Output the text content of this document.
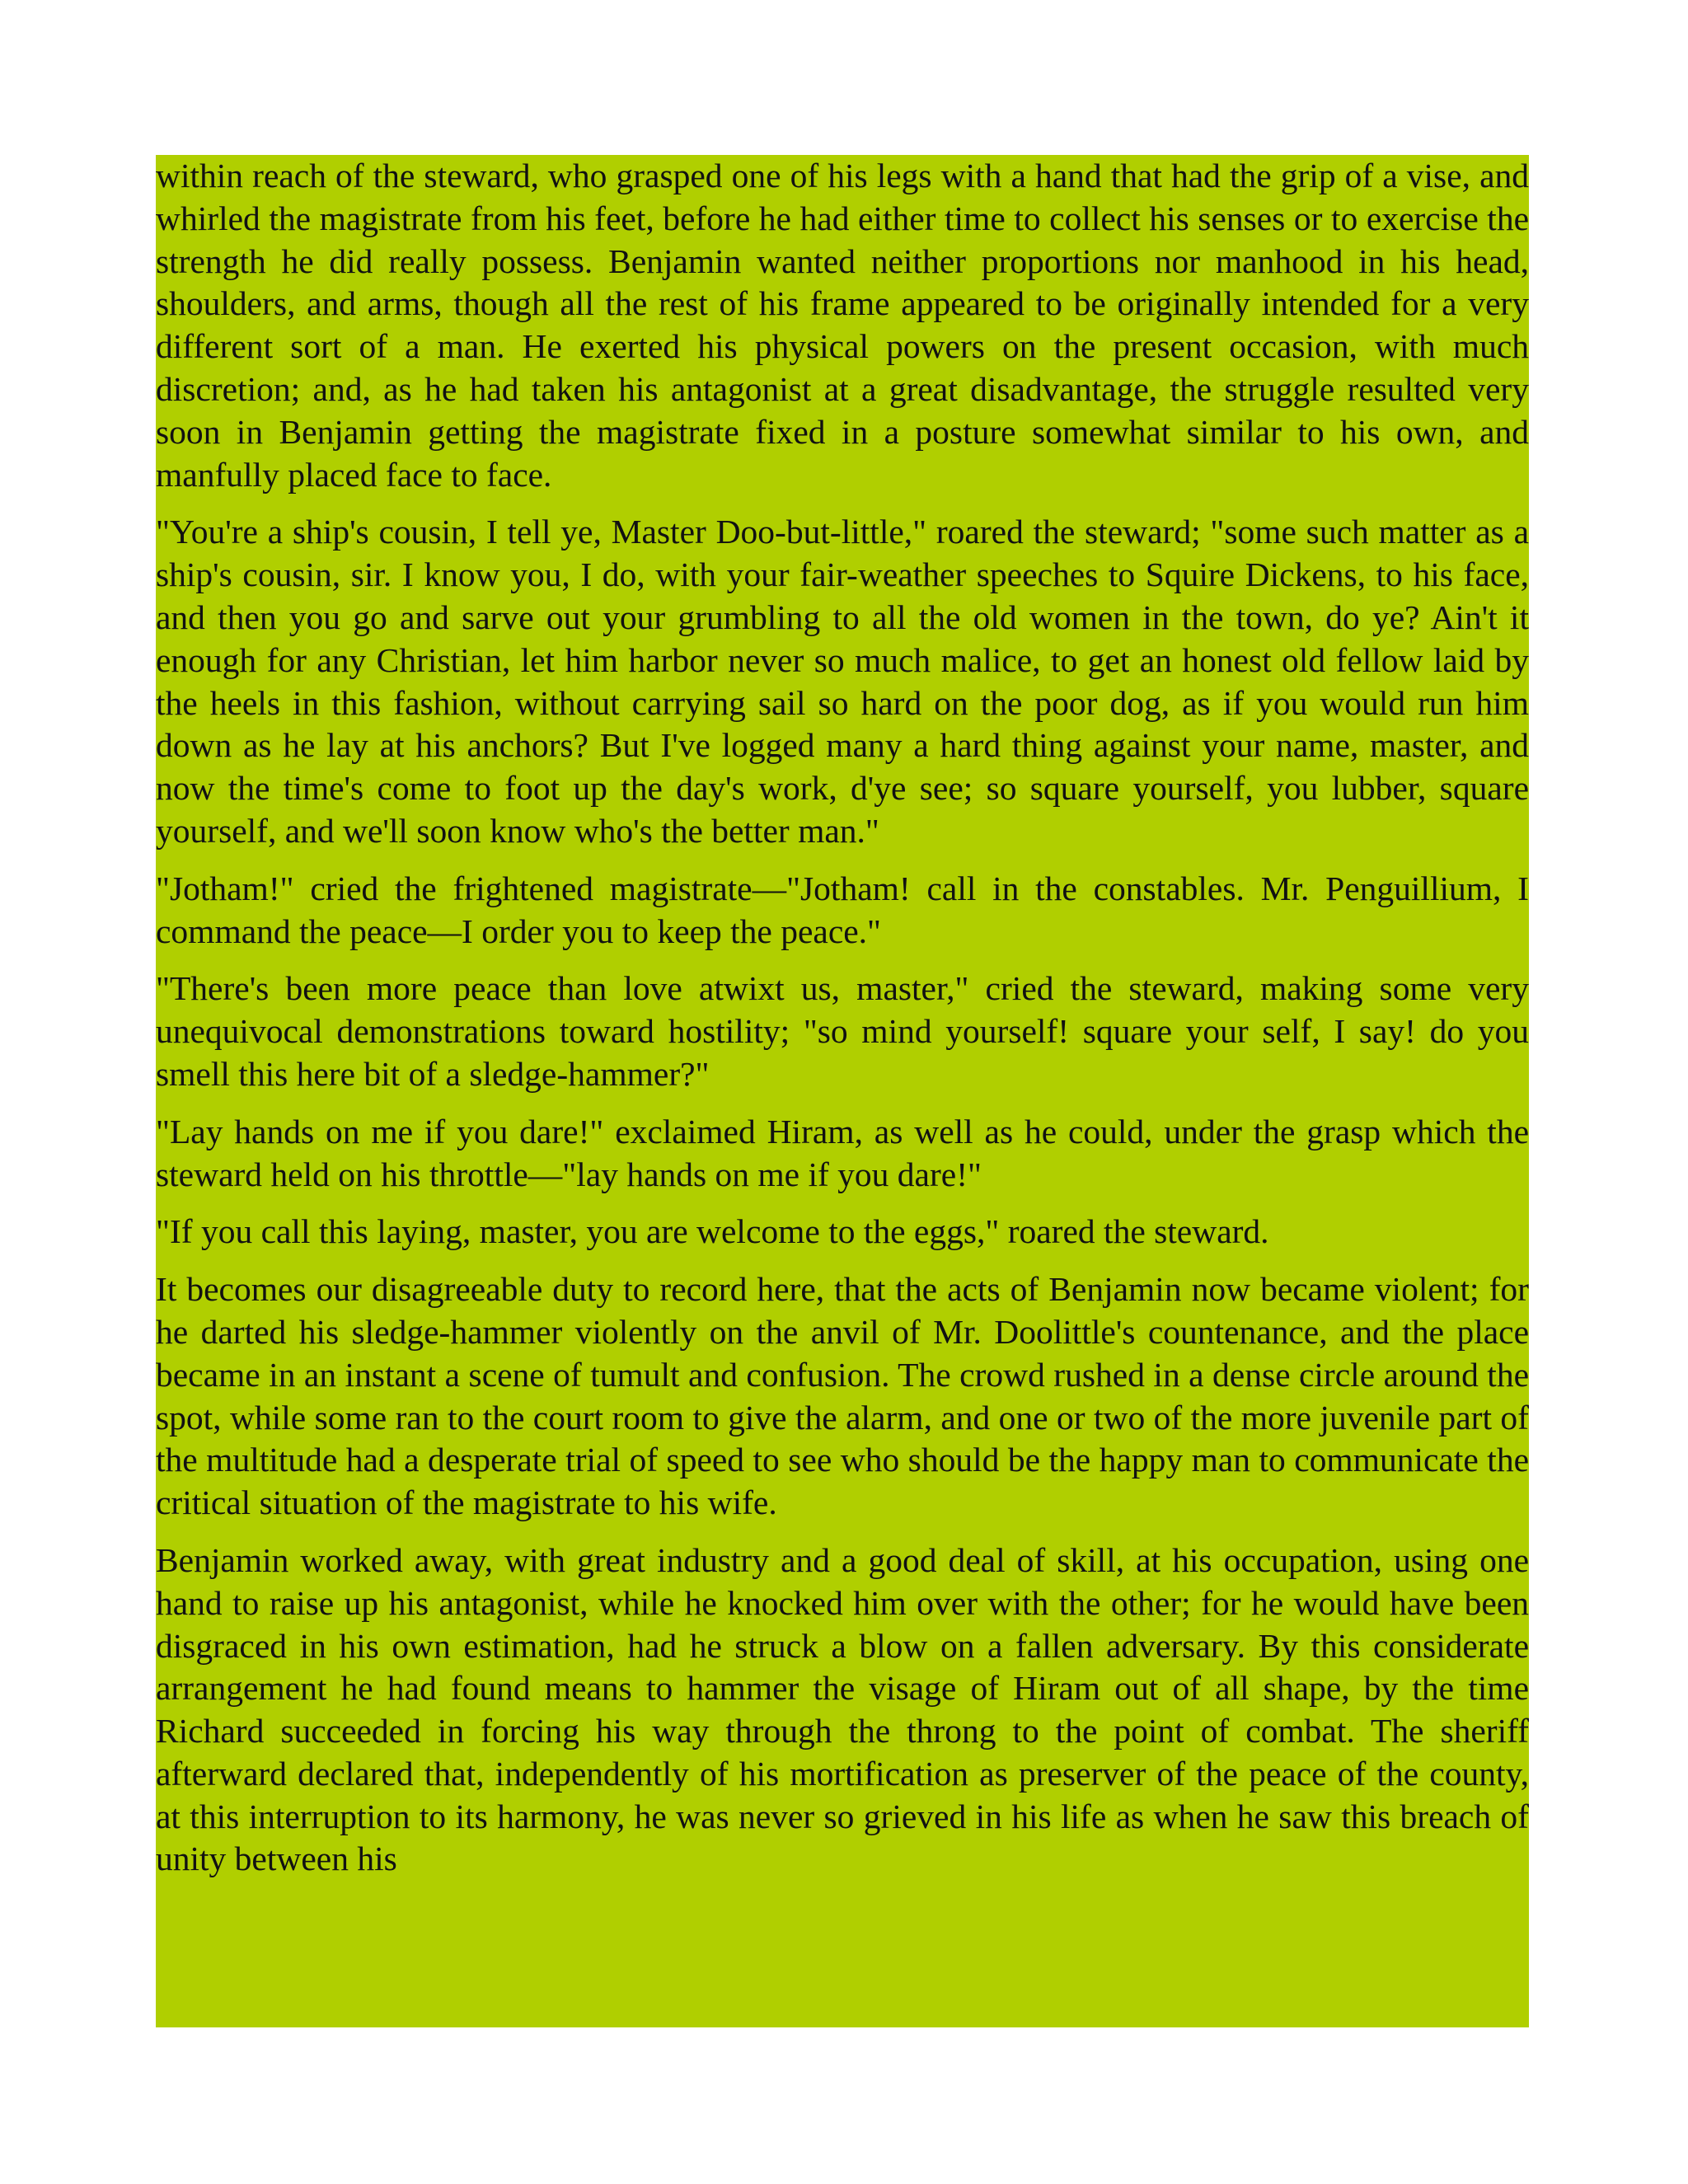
within reach of the steward, who grasped one of his legs with a hand that had the grip of a vise, and whirled the magistrate from his feet, before he had either time to collect his senses or to exercise the strength he did really possess. Benjamin wanted neither proportions nor manhood in his head, shoulders, and arms, though all the rest of his frame appeared to be originally intended for a very different sort of a man. He exerted his physical powers on the present occasion, with much discretion; and, as he had taken his antagonist at a great disadvantage, the struggle resulted very soon in Benjamin getting the magistrate fixed in a posture somewhat similar to his own, and manfully placed face to face.

"You're a ship's cousin, I tell ye, Master Doo-but-little," roared the steward; "some such matter as a ship's cousin, sir. I know you, I do, with your fair-weather speeches to Squire Dickens, to his face, and then you go and sarve out your grumbling to all the old women in the town, do ye? Ain't it enough for any Christian, let him harbor never so much malice, to get an honest old fellow laid by the heels in this fashion, without carrying sail so hard on the poor dog, as if you would run him down as he lay at his anchors? But I've logged many a hard thing against your name, master, and now the time's come to foot up the day's work, d'ye see; so square yourself, you lubber, square yourself, and we'll soon know who's the better man."

"Jotham!" cried the frightened magistrate—"Jotham! call in the constables. Mr. Penguillium, I command the peace—I order you to keep the peace."

"There's been more peace than love atwixt us, master," cried the steward, making some very unequivocal demonstrations toward hostility; "so mind yourself! square your self, I say! do you smell this here bit of a sledge-hammer?"

"Lay hands on me if you dare!" exclaimed Hiram, as well as he could, under the grasp which the steward held on his throttle—"lay hands on me if you dare!"

"If you call this laying, master, you are welcome to the eggs," roared the steward.

It becomes our disagreeable duty to record here, that the acts of Benjamin now became violent; for he darted his sledge-hammer violently on the anvil of Mr. Doolittle's countenance, and the place became in an instant a scene of tumult and confusion. The crowd rushed in a dense circle around the spot, while some ran to the court room to give the alarm, and one or two of the more juvenile part of the multitude had a desperate trial of speed to see who should be the happy man to communicate the critical situation of the magistrate to his wife.

Benjamin worked away, with great industry and a good deal of skill, at his occupation, using one hand to raise up his antagonist, while he knocked him over with the other; for he would have been disgraced in his own estimation, had he struck a blow on a fallen adversary. By this considerate arrangement he had found means to hammer the visage of Hiram out of all shape, by the time Richard succeeded in forcing his way through the throng to the point of combat. The sheriff afterward declared that, independently of his mortification as preserver of the peace of the county, at this interruption to its harmony, he was never so grieved in his life as when he saw this breach of unity between his
